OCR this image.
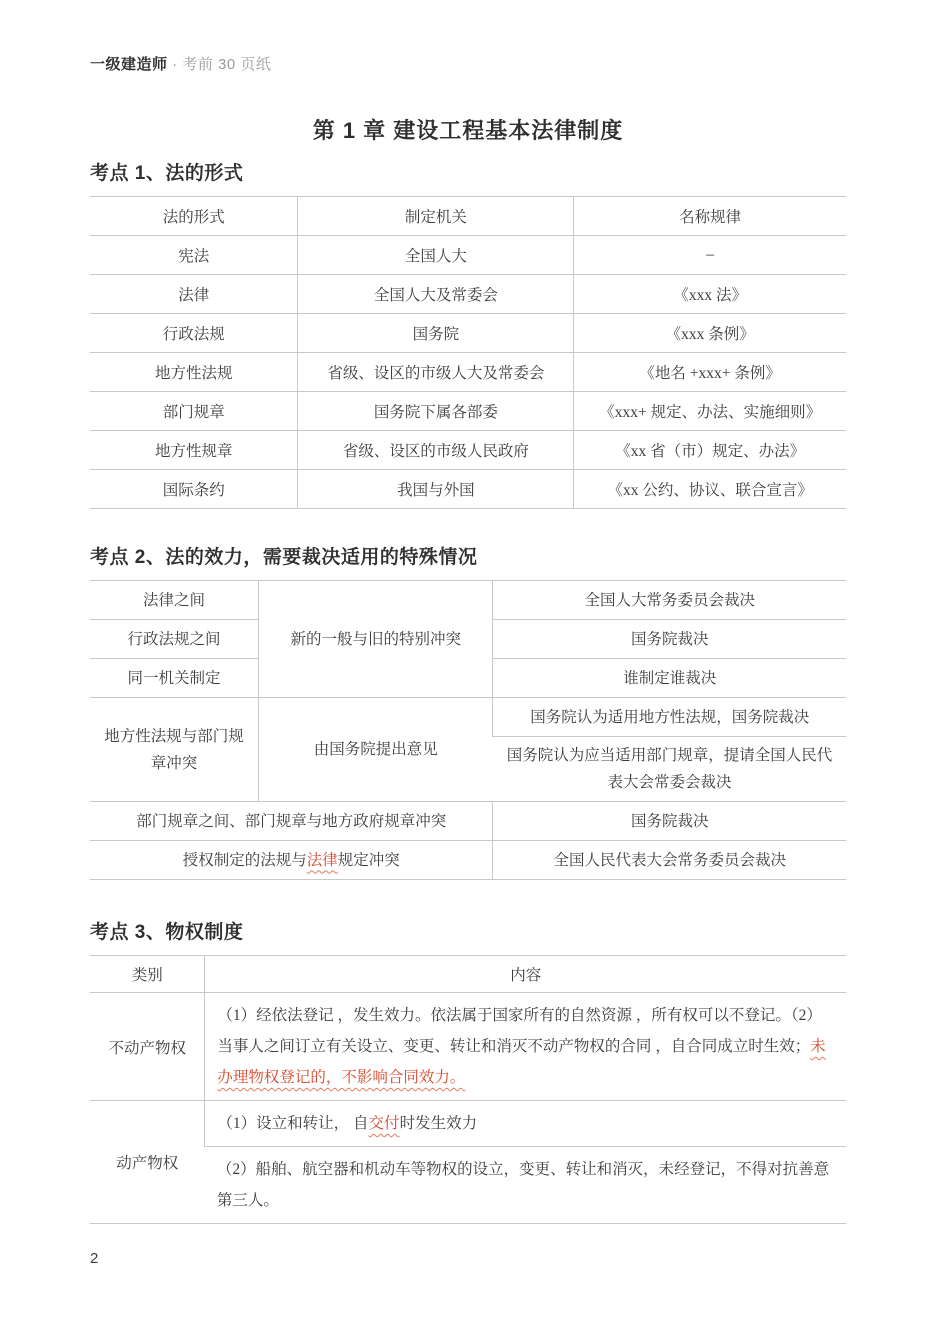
一级建造师 · 考前 30 页纸
第 1 章 建设工程基本法律制度
考点 1、法的形式
法的形式	制定机关	名称规律
宪法	全国人大	–
法律	全国人大及常委会	《xxx 法》
行政法规	国务院	《xxx 条例》
地方性法规	省级、设区的市级人大及常委会	《地名 +xxx+ 条例》
部门规章	国务院下属各部委	《xxx+ 规定、办法、实施细则》
地方性规章	省级、设区的市级人民政府	《xx 省（市）规定、办法》
国际条约	我国与外国	《xx 公约、协议、联合宣言》
考点 2、法的效力，需要裁决适用的特殊情况
法律之间	新的一般与旧的特别冲突	全国人大常务委员会裁决
行政法规之间		国务院裁决
同一机关制定		谁制定谁裁决
地方性法规与部门规章冲突	由国务院提出意见	国务院认为适用地方性法规，国务院裁决
		国务院认为应当适用部门规章，提请全国人民代表大会常委会裁决
部门规章之间、部门规章与地方政府规章冲突		国务院裁决
授权制定的法规与法律规定冲突		全国人民代表大会常务委员会裁决
考点 3、物权制度
类别	内容
不动产物权	（1）经依法登记 ，发生效力。依法属于国家所有的自然资源 ，所有权可以不登记。（2）当事人之间订立有关设立、变更、转让和消灭不动产物权的合同 ，自合同成立时生效；未办理物权登记的，不影响合同效力。
动产物权	（1）设立和转让， 自交付时发生效力
	（2）船舶、航空器和机动车等物权的设立，变更、转让和消灭，未经登记，不得对抗善意第三人。
2
